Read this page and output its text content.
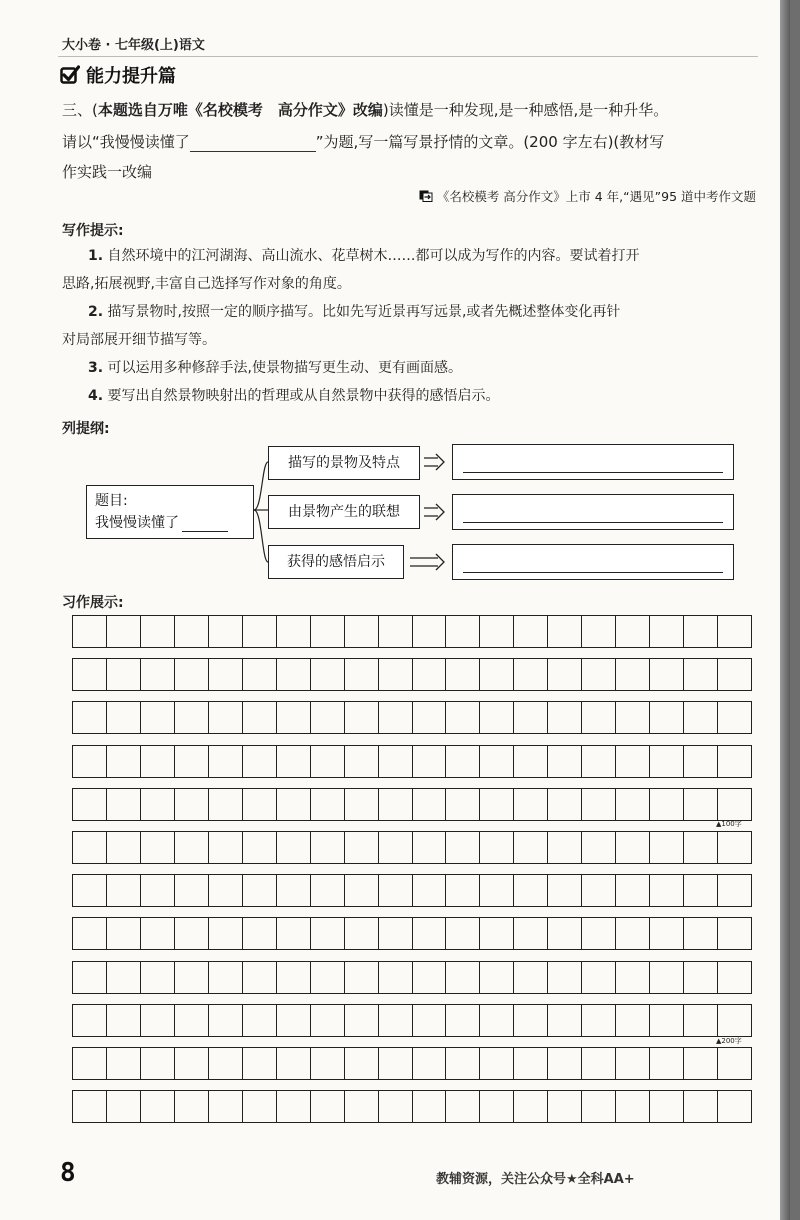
大小卷 · 七年级(上)语文
能力提升篇
三、(本题选自万唯《名校模考　高分作文》改编)读懂是一种发现,是一种感悟,是一种升华。
请以“我慢慢读懂了	”为题,写一篇写景抒情的文章。(200 字左右)(教材写
作实践一改编
《名校模考 高分作文》上市 4 年,“遇见”95 道中考作文题
写作提示:
1. 自然环境中的江河湖海、高山流水、花草树木……都可以成为写作的内容。要试着打开
思路,拓展视野,丰富自己选择写作对象的角度。
2. 描写景物时,按照一定的顺序描写。比如先写近景再写远景,或者先概述整体变化再针
对局部展开细节描写等。
3. 可以运用多种修辞手法,使景物描写更生动、更有画面感。
4. 要写出自然景物映射出的哲理或从自然景物中获得的感悟启示。
列提纲:
题目:
我慢慢读懂了
描写的景物及特点
由景物产生的联想
获得的感悟启示
习作展示:
▲100字
▲200字
8	教辅资源，关注公众号★全科AA+
